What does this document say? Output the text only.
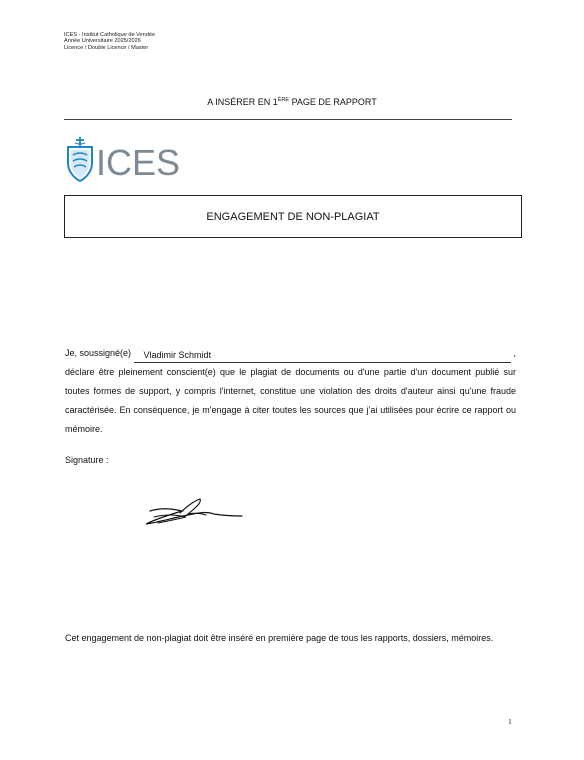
ICES - Institut Catholique de Vendée
Année Universitaire 2025/2026
Licence / Double Licence / Master
A INSÉRER EN 1ÈRE PAGE DE RAPPORT
ICES
ENGAGEMENT DE NON-PLAGIAT
Je, soussigné(e)	Vladimir Schmidt	,
déclare être pleinement conscient(e) que le plagiat de documents ou d'une partie d'un document publié sur toutes formes de support, y compris l'internet, constitue une violation des droits d'auteur ainsi qu'une fraude caractérisée. En conséquence, je m'engage à citer toutes les sources que j'ai utilisées pour écrire ce rapport ou mémoire.
Signature :
Cet engagement de non-plagiat doit être inséré en première page de tous les rapports, dossiers, mémoires.
1
